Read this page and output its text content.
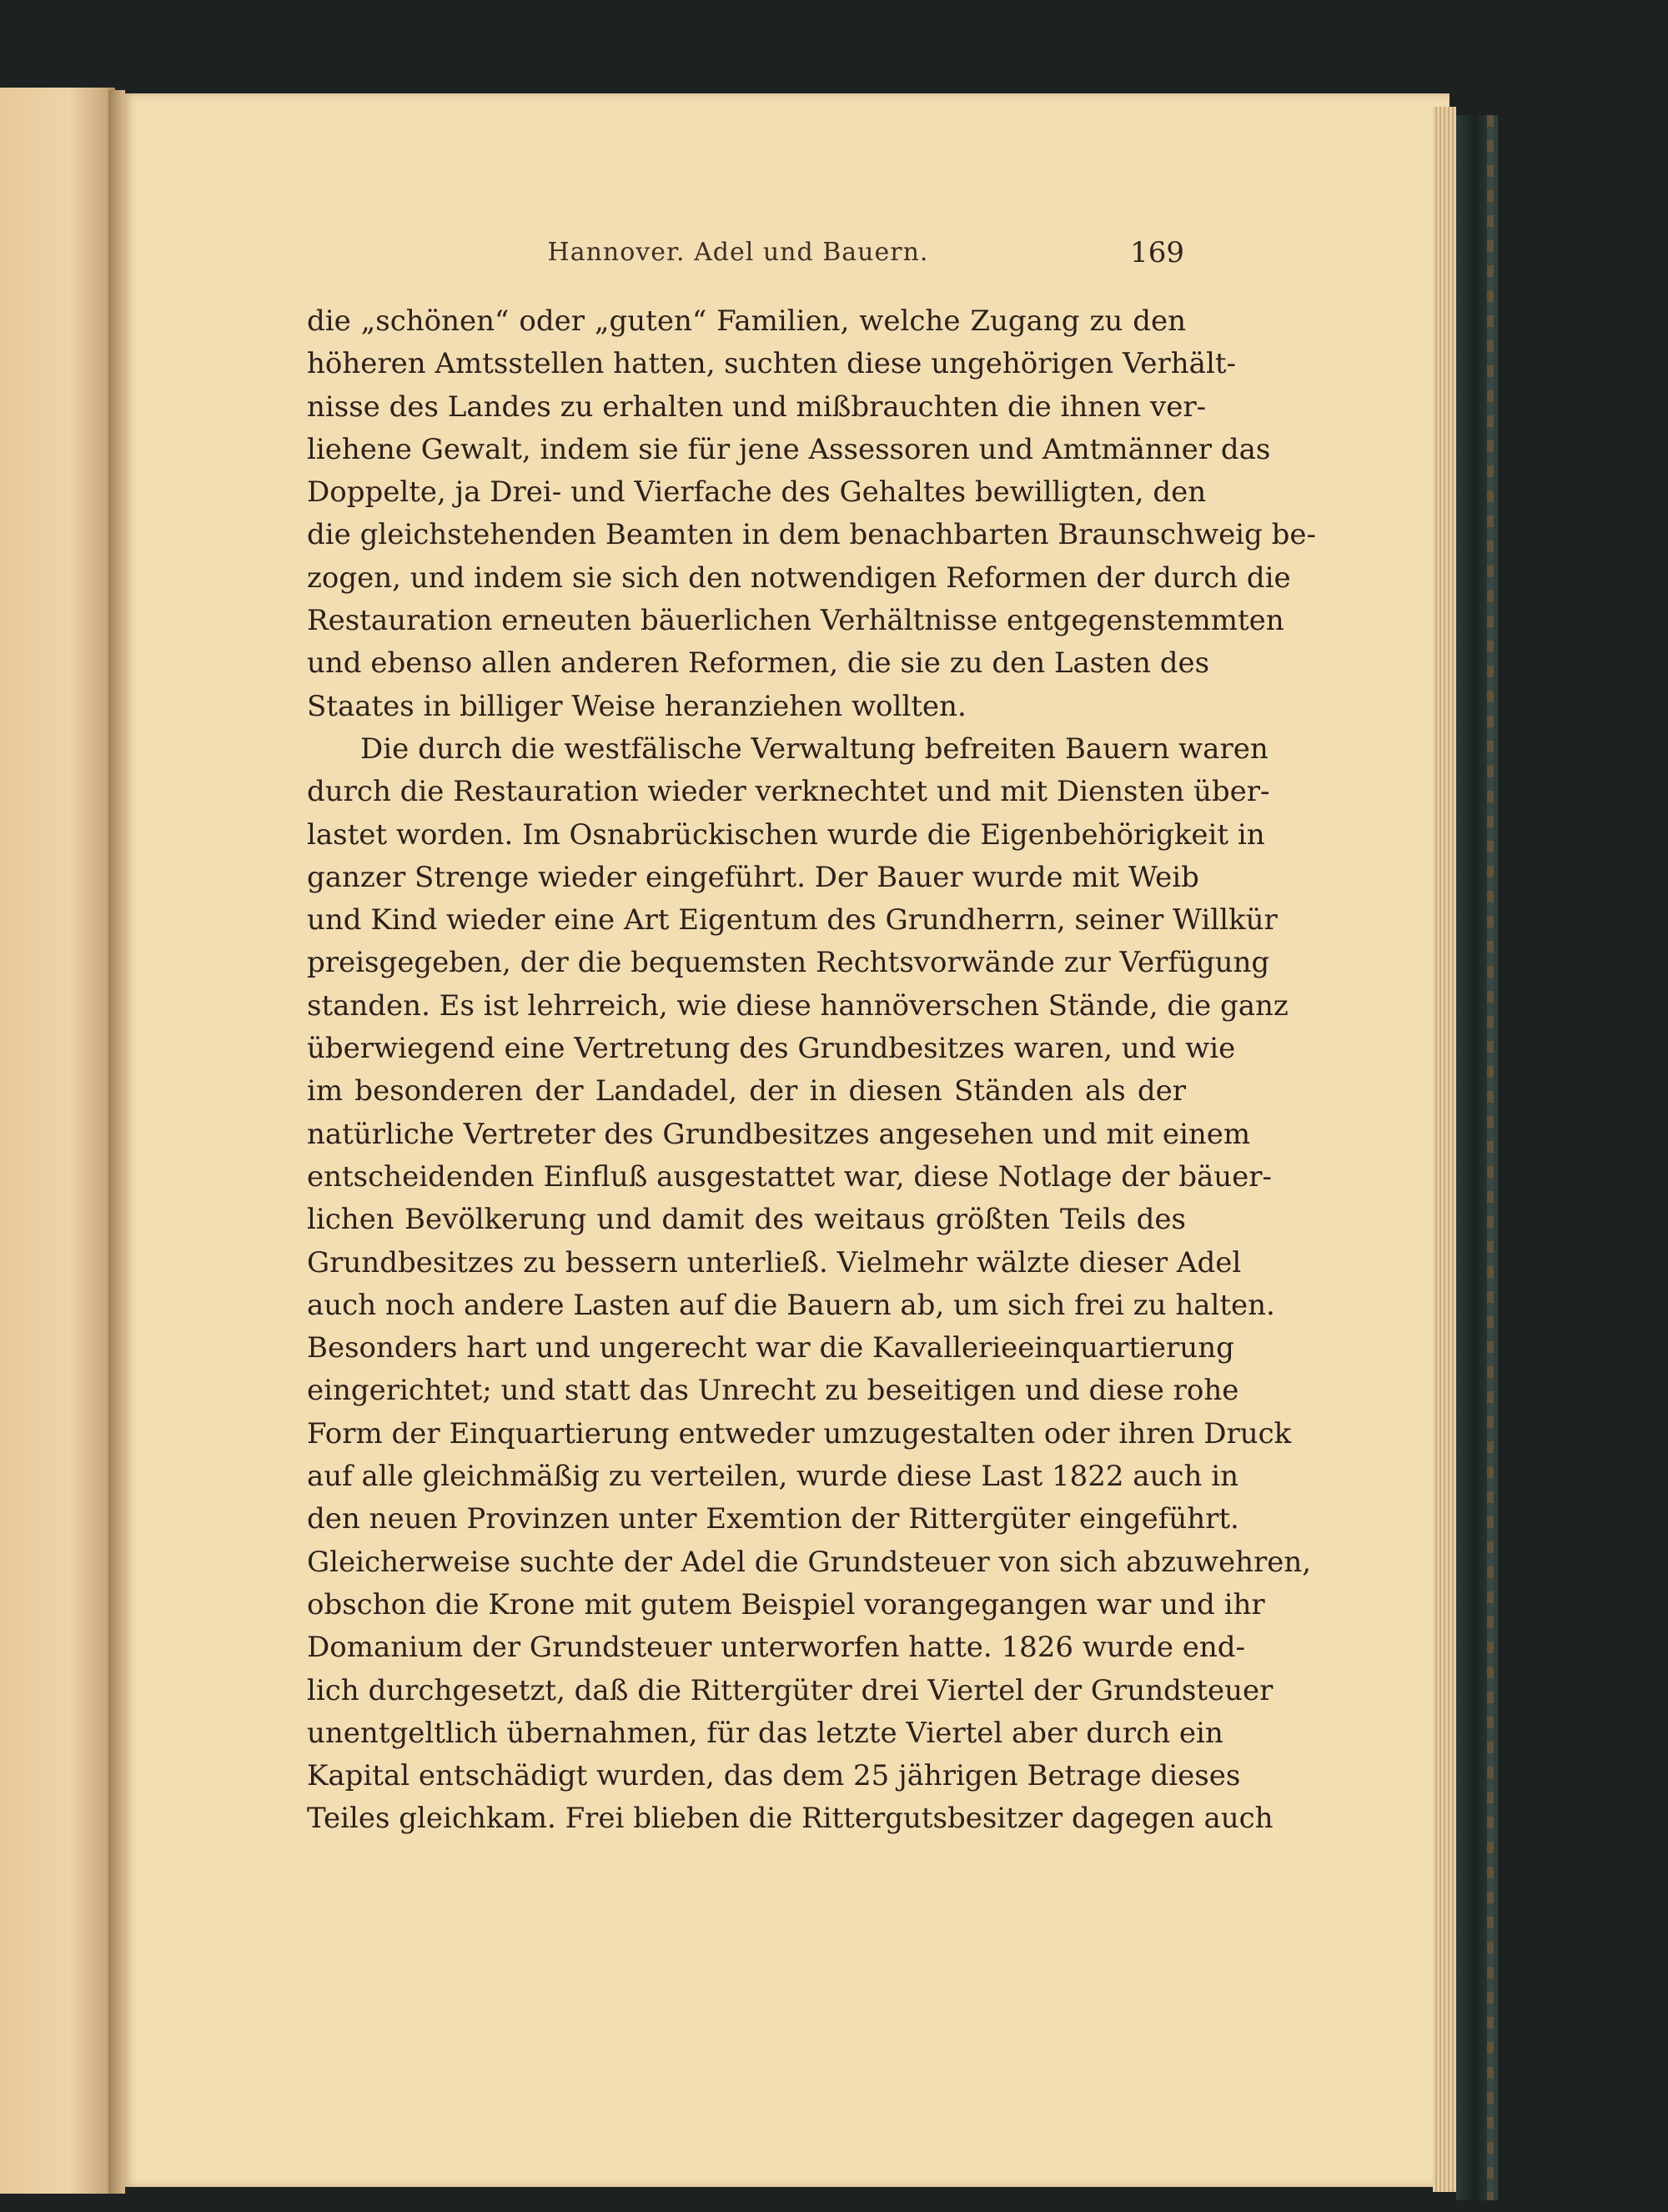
Hannover. Adel und Bauern.	169
die „schönen“ oder „guten“ Familien, welche Zugang zu den
höheren Amtsstellen hatten, suchten diese ungehörigen Verhält-
nisse des Landes zu erhalten und mißbrauchten die ihnen ver-
liehene Gewalt, indem sie für jene Assessoren und Amtmänner das
Doppelte, ja Drei- und Vierfache des Gehaltes bewilligten, den
die gleichstehenden Beamten in dem benachbarten Braunschweig be-
zogen, und indem sie sich den notwendigen Reformen der durch die
Restauration erneuten bäuerlichen Verhältnisse entgegenstemmten
und ebenso allen anderen Reformen, die sie zu den Lasten des
Staates in billiger Weise heranziehen wollten.
Die durch die westfälische Verwaltung befreiten Bauern waren
durch die Restauration wieder verknechtet und mit Diensten über-
lastet worden. Im Osnabrückischen wurde die Eigenbehörigkeit in
ganzer Strenge wieder eingeführt. Der Bauer wurde mit Weib
und Kind wieder eine Art Eigentum des Grundherrn, seiner Willkür
preisgegeben, der die bequemsten Rechtsvorwände zur Verfügung
standen. Es ist lehrreich, wie diese hannöverschen Stände, die ganz
überwiegend eine Vertretung des Grundbesitzes waren, und wie
im besonderen der Landadel, der in diesen Ständen als der
natürliche Vertreter des Grundbesitzes angesehen und mit einem
entscheidenden Einfluß ausgestattet war, diese Notlage der bäuer-
lichen Bevölkerung und damit des weitaus größten Teils des
Grundbesitzes zu bessern unterließ. Vielmehr wälzte dieser Adel
auch noch andere Lasten auf die Bauern ab, um sich frei zu halten.
Besonders hart und ungerecht war die Kavallerieeinquartierung
eingerichtet; und statt das Unrecht zu beseitigen und diese rohe
Form der Einquartierung entweder umzugestalten oder ihren Druck
auf alle gleichmäßig zu verteilen, wurde diese Last 1822 auch in
den neuen Provinzen unter Exemtion der Rittergüter eingeführt.
Gleicherweise suchte der Adel die Grundsteuer von sich abzuwehren,
obschon die Krone mit gutem Beispiel vorangegangen war und ihr
Domanium der Grundsteuer unterworfen hatte. 1826 wurde end-
lich durchgesetzt, daß die Rittergüter drei Viertel der Grundsteuer
unentgeltlich übernahmen, für das letzte Viertel aber durch ein
Kapital entschädigt wurden, das dem 25 jährigen Betrage dieses
Teiles gleichkam. Frei blieben die Rittergutsbesitzer dagegen auch
